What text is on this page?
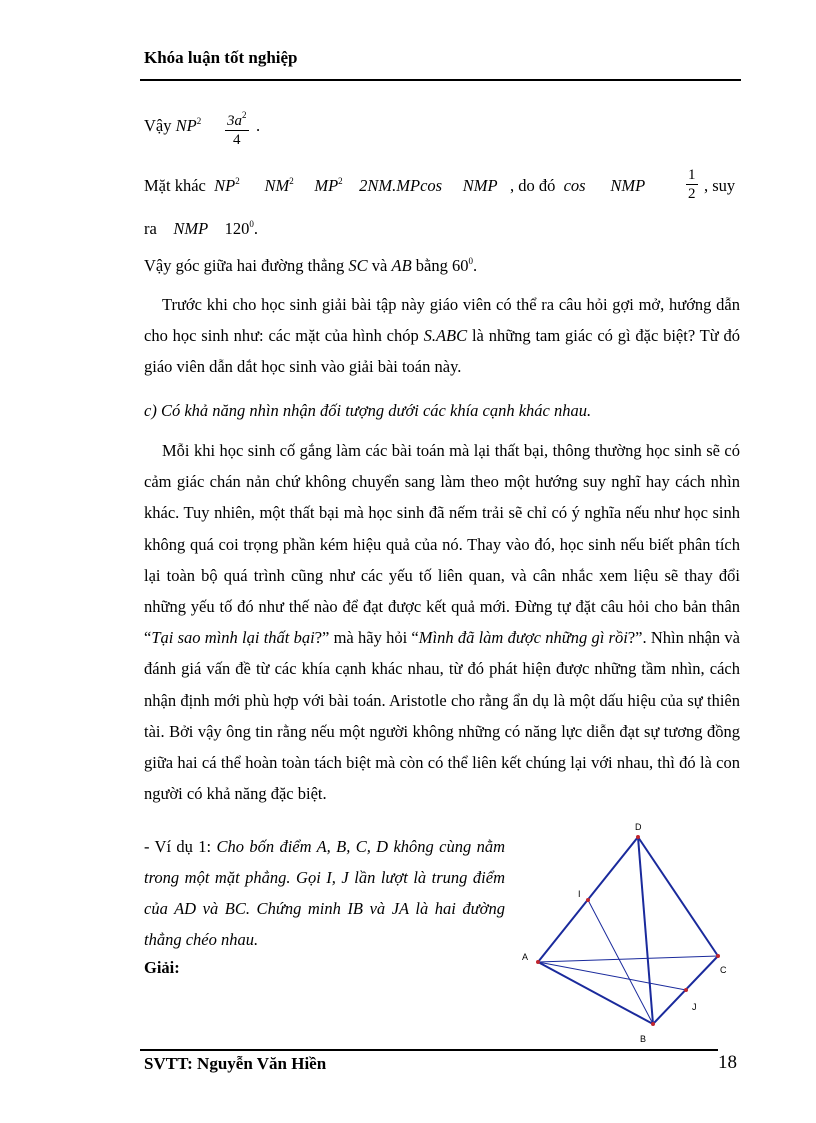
Khóa luận tốt nghiệp
Vậy $NP^2 \frac{3a^2}{4}$ .
Mặt khác $NP^2$ $NM^2$ $MP^2$ 2NM.MPcos NMP , do đó cos NMP	$\frac{1}{2}$ , suy
ra NMP $120^0$.
Vậy góc giữa hai đường thẳng SC và AB bằng $60^0$.
Trước khi cho học sinh giải bài tập này giáo viên có thể ra câu hỏi gợi mở, hướng dẫn cho học sinh như: các mặt của hình chóp S.ABC là những tam giác có gì đặc biệt? Từ đó giáo viên dẫn dắt học sinh vào giải bài toán này.
c) Có khả năng nhìn nhận đối tượng dưới các khía cạnh khác nhau.
Mỗi khi học sinh cố gắng làm các bài toán mà lại thất bại, thông thường học sinh sẽ có cảm giác chán nản chứ không chuyển sang làm theo một hướng suy nghĩ hay cách nhìn khác. Tuy nhiên, một thất bại mà học sinh đã nếm trải sẽ chỉ có ý nghĩa nếu như học sinh không quá coi trọng phần kém hiệu quả của nó. Thay vào đó, học sinh nếu biết phân tích lại toàn bộ quá trình cũng như các yếu tố liên quan, và cân nhắc xem liệu sẽ thay đổi những yếu tố đó như thế nào để đạt được kết quả mới. Đừng tự đặt câu hỏi cho bản thân “Tại sao mình lại thất bại?” mà hãy hỏi “Mình đã làm được những gì rồi?”. Nhìn nhận và đánh giá vấn đề từ các khía cạnh khác nhau, từ đó phát hiện được những tầm nhìn, cách nhận định mới phù hợp với bài toán. Aristotle cho rằng ẩn dụ là một dấu hiệu của sự thiên tài. Bởi vậy ông tin rằng nếu một người không những có năng lực diễn đạt sự tương đồng giữa hai cá thể hoàn toàn tách biệt mà còn có thể liên kết chúng lại với nhau, thì đó là con người có khả năng đặc biệt.
- Ví dụ 1: Cho bốn điểm A, B, C, D không cùng nằm trong một mặt phẳng. Gọi I, J lần lượt là trung điểm của AD và BC. Chứng minh IB và JA là hai đường thẳng chéo nhau.
Giải:
A
D
C
B
I
J
SVTT: Nguyễn Văn Hiền	18
